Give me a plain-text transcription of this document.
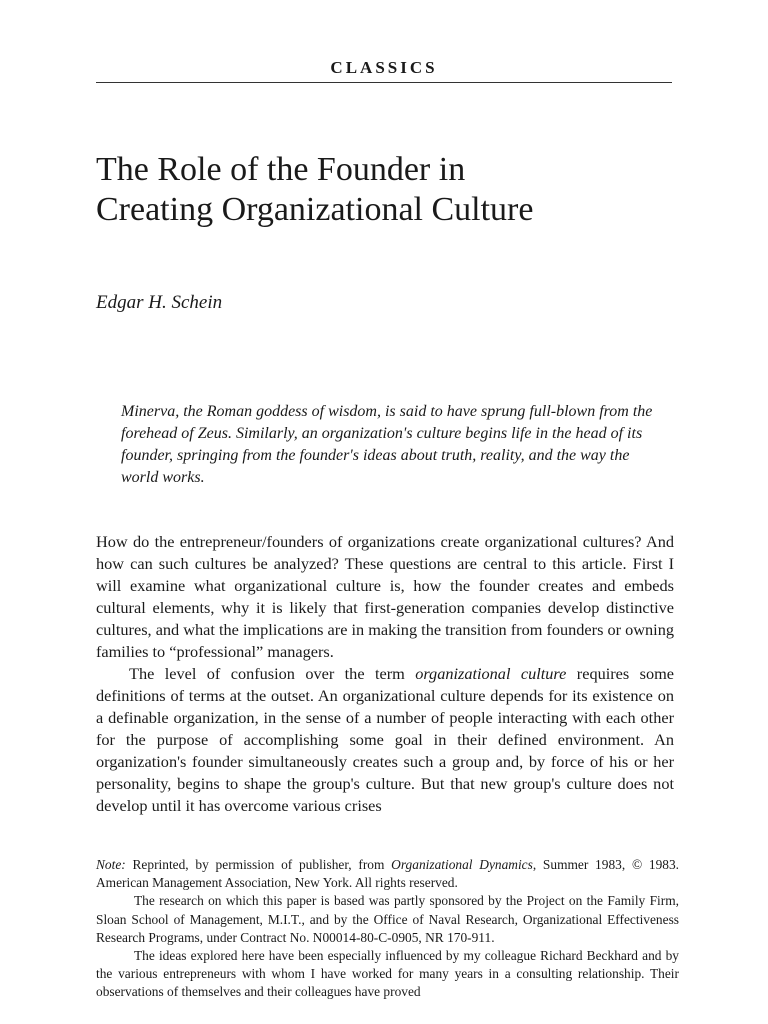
CLASSICS
The Role of the Founder in
Creating Organizational Culture
Edgar H. Schein
Minerva, the Roman goddess of wisdom, is said to have sprung full-blown from the forehead of Zeus. Similarly, an organization's culture begins life in the head of its founder, springing from the founder's ideas about truth, reality, and the way the world works.

How do the entrepreneur/founders of organizations create organizational cultures? And how can such cultures be analyzed? These questions are central to this article. First I will examine what organizational culture is, how the founder creates and embeds cultural elements, why it is likely that first-generation companies develop distinctive cultures, and what the implications are in making the transition from founders or owning families to “professional” managers.

The level of confusion over the term organizational culture requires some definitions of terms at the outset. An organizational culture depends for its existence on a definable organization, in the sense of a number of people interacting with each other for the purpose of accomplishing some goal in their defined environment. An organization's founder simultaneously creates such a group and, by force of his or her personality, begins to shape the group's culture. But that new group's culture does not develop until it has overcome various crises

Note: Reprinted, by permission of publisher, from Organizational Dynamics, Summer 1983, © 1983. American Management Association, New York. All rights reserved.

The research on which this paper is based was partly sponsored by the Project on the Family Firm, Sloan School of Management, M.I.T., and by the Office of Naval Research, Organizational Effectiveness Research Programs, under Contract No. N00014-80-C-0905, NR 170-911.

The ideas explored here have been especially influenced by my colleague Richard Beckhard and by the various entrepreneurs with whom I have worked for many years in a consulting relationship. Their observations of themselves and their colleagues have proved
